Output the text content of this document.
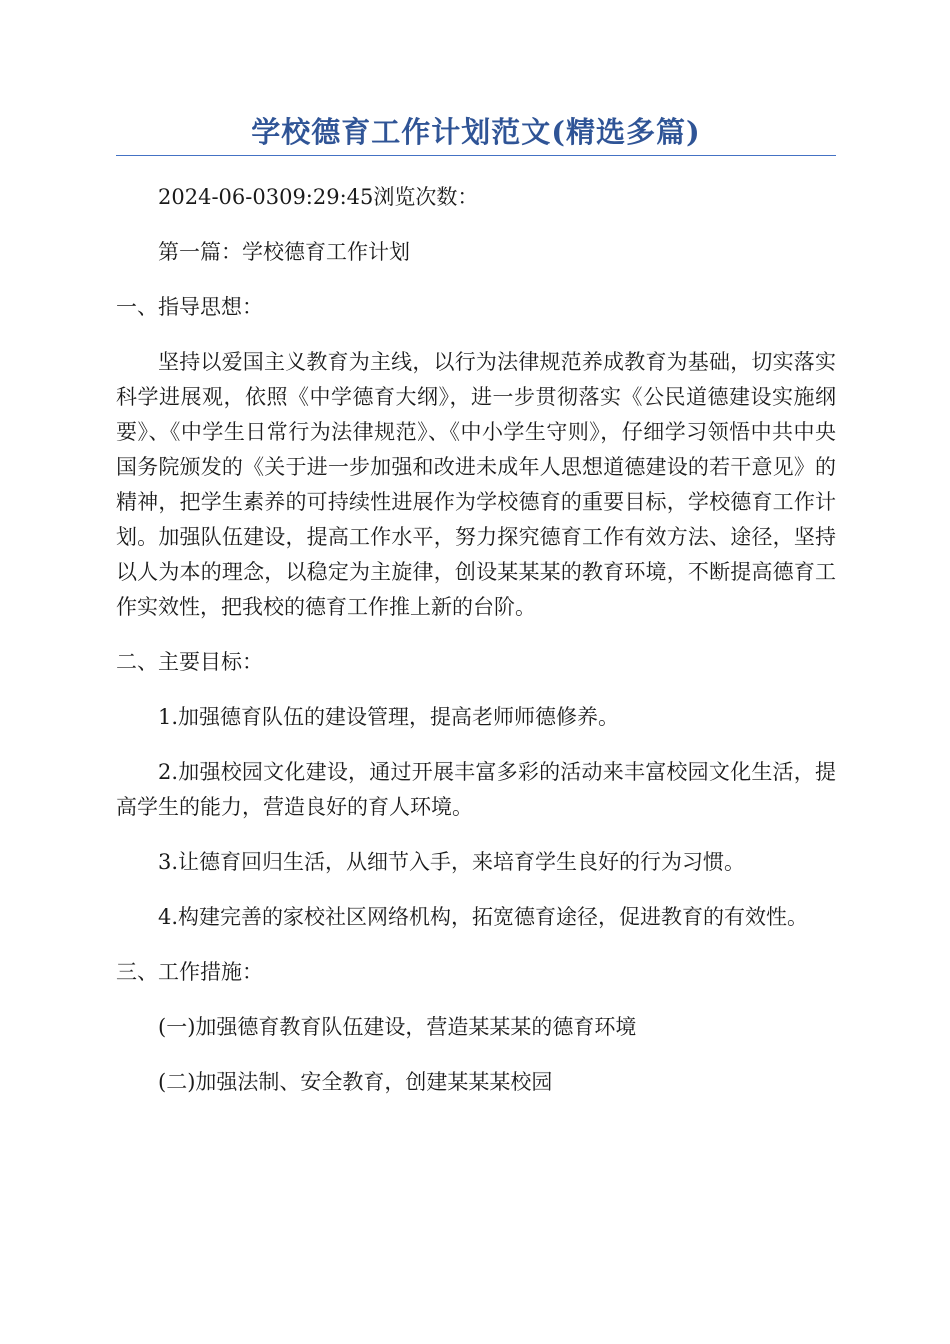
学校德育工作计划范文(精选多篇)

2024-06-0309:29:45浏览次数：

第一篇：学校德育工作计划

一、指导思想：

坚持以爱国主义教育为主线，以行为法律规范养成教育为基础，切实落实科学进展观，依照《中学德育大纲》，进一步贯彻落实《公民道德建设实施纲要》、《中学生日常行为法律规范》、《中小学生守则》，仔细学习领悟中共中央国务院颁发的《关于进一步加强和改进未成年人思想道德建设的若干意见》的精神，把学生素养的可持续性进展作为学校德育的重要目标，学校德育工作计划。加强队伍建设，提高工作水平，努力探究德育工作有效方法、途径，坚持以人为本的理念，以稳定为主旋律，创设某某某的教育环境，不断提高德育工作实效性，把我校的德育工作推上新的台阶。

二、主要目标：

1.加强德育队伍的建设管理，提高老师师德修养。

2.加强校园文化建设，通过开展丰富多彩的活动来丰富校园文化生活，提高学生的能力，营造良好的育人环境。

3.让德育回归生活，从细节入手，来培育学生良好的行为习惯。

4.构建完善的家校社区网络机构，拓宽德育途径，促进教育的有效性。

三、工作措施：

(一)加强德育教育队伍建设，营造某某某的德育环境

(二)加强法制、安全教育，创建某某某校园
